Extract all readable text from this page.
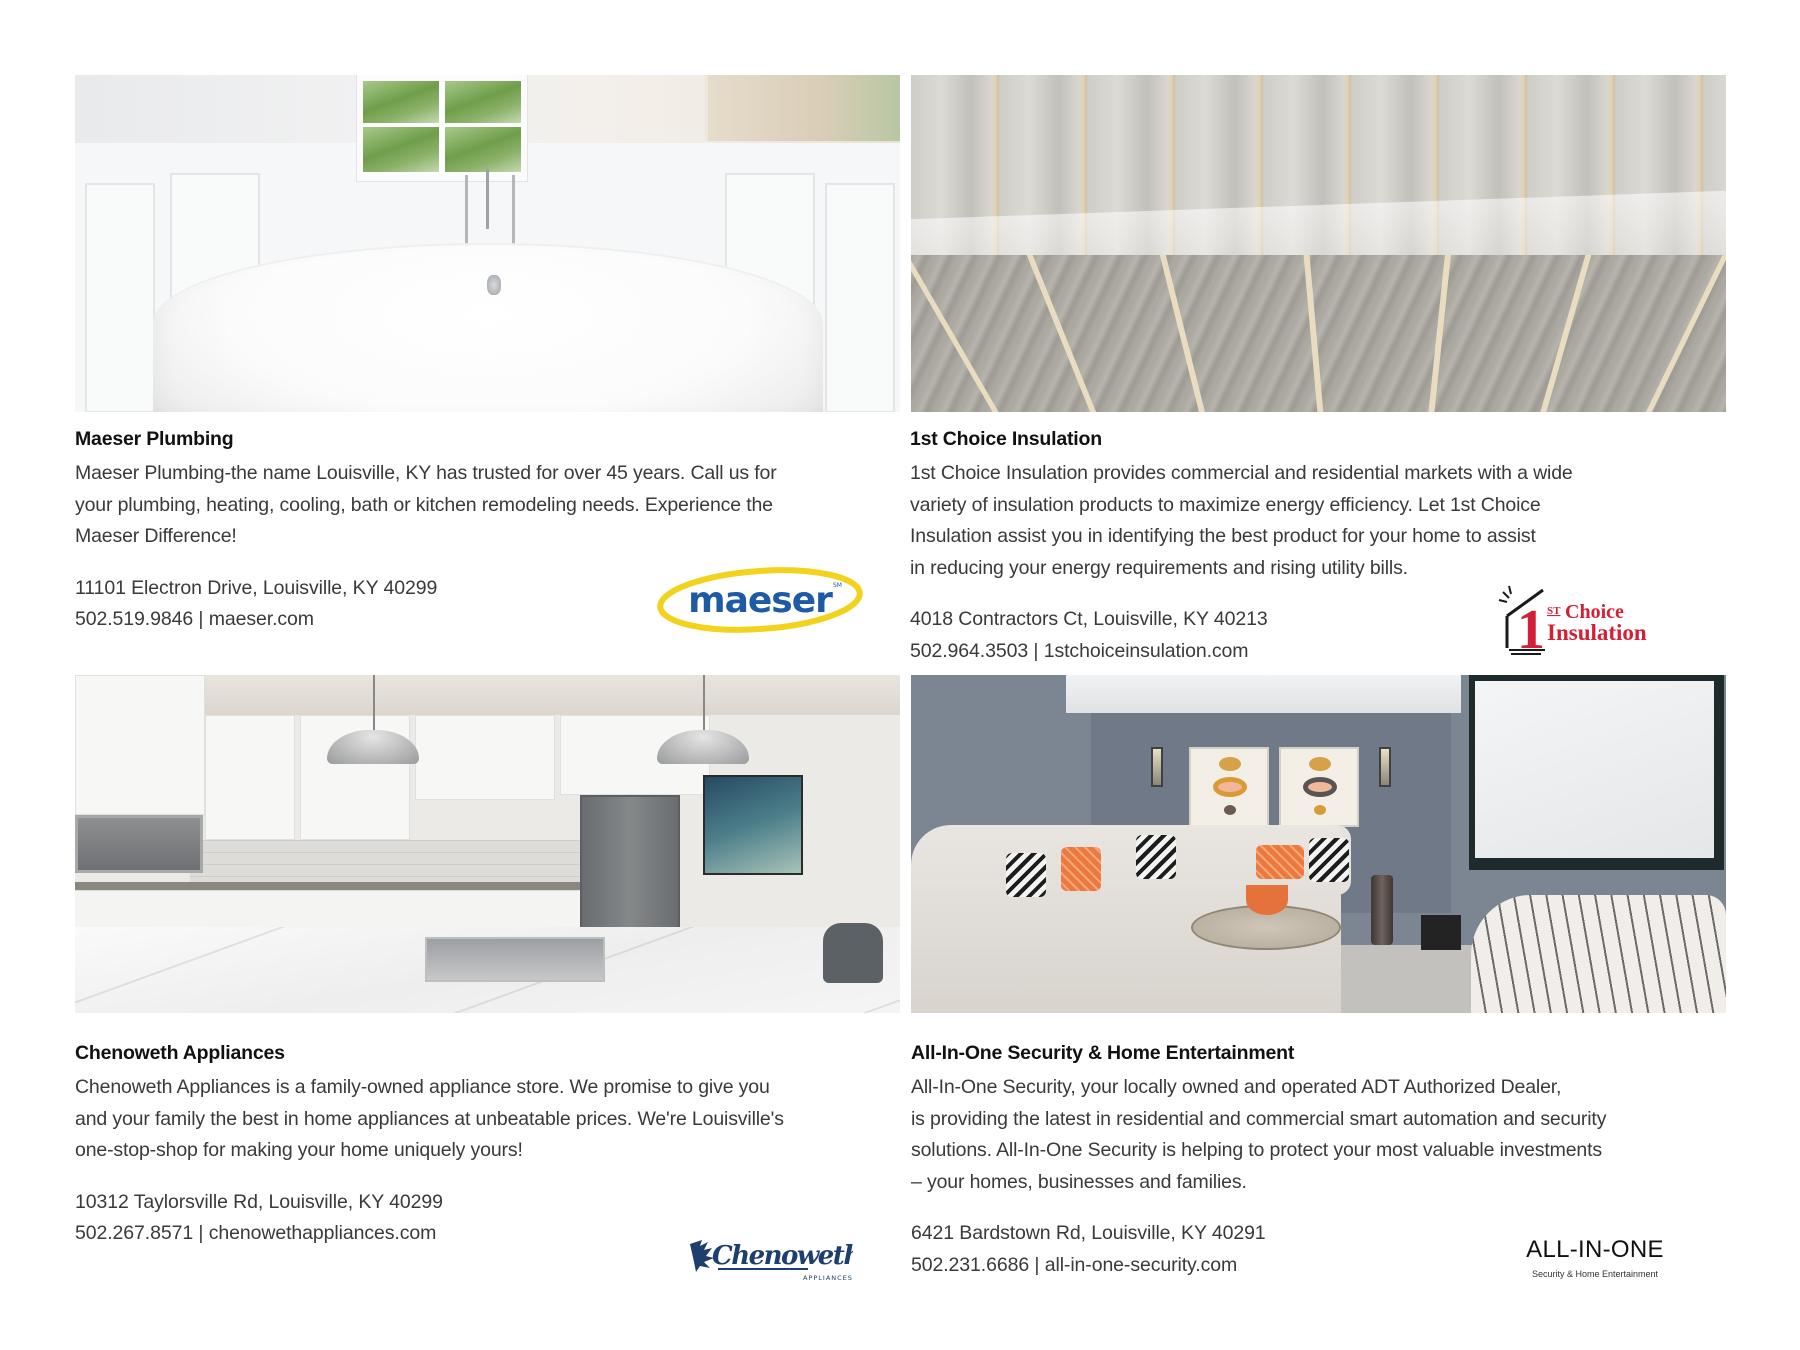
Maeser Plumbing
Maeser Plumbing-the name Louisville, KY has trusted for over 45 years. Call us for
your plumbing, heating, cooling, bath or kitchen remodeling needs. Experience the
Maeser Difference!
11101 Electron Drive, Louisville, KY 40299
502.519.9846 | maeser.com	maeser SM
1st Choice Insulation
1st Choice Insulation provides commercial and residential markets with a wide
variety of insulation products to maximize energy efficiency. Let 1st Choice
Insulation assist you in identifying the best product for your home to assist
in reducing your energy requirements and rising utility bills.
4018 Contractors Ct, Louisville, KY 40213
502.964.3503 | 1stchoiceinsulation.com	1 ST Choice
Insulation
Chenoweth Appliances
Chenoweth Appliances is a family-owned appliance store. We promise to give you
and your family the best in home appliances at unbeatable prices. We're Louisville's
one-stop-shop for making your home uniquely yours!
10312 Taylorsville Rd, Louisville, KY 40299
502.267.8571 | chenowethappliances.com
Chenoweth
APPLIANCES
All-In-One Security & Home Entertainment
All-In-One Security, your locally owned and operated ADT Authorized Dealer,
is providing the latest in residential and commercial smart automation and security
solutions. All-In-One Security is helping to protect your most valuable investments
– your homes, businesses and families.
6421 Bardstown Rd, Louisville, KY 40291
502.231.6686 | all-in-one-security.com
ALL-IN-ONE
Security & Home Entertainment
